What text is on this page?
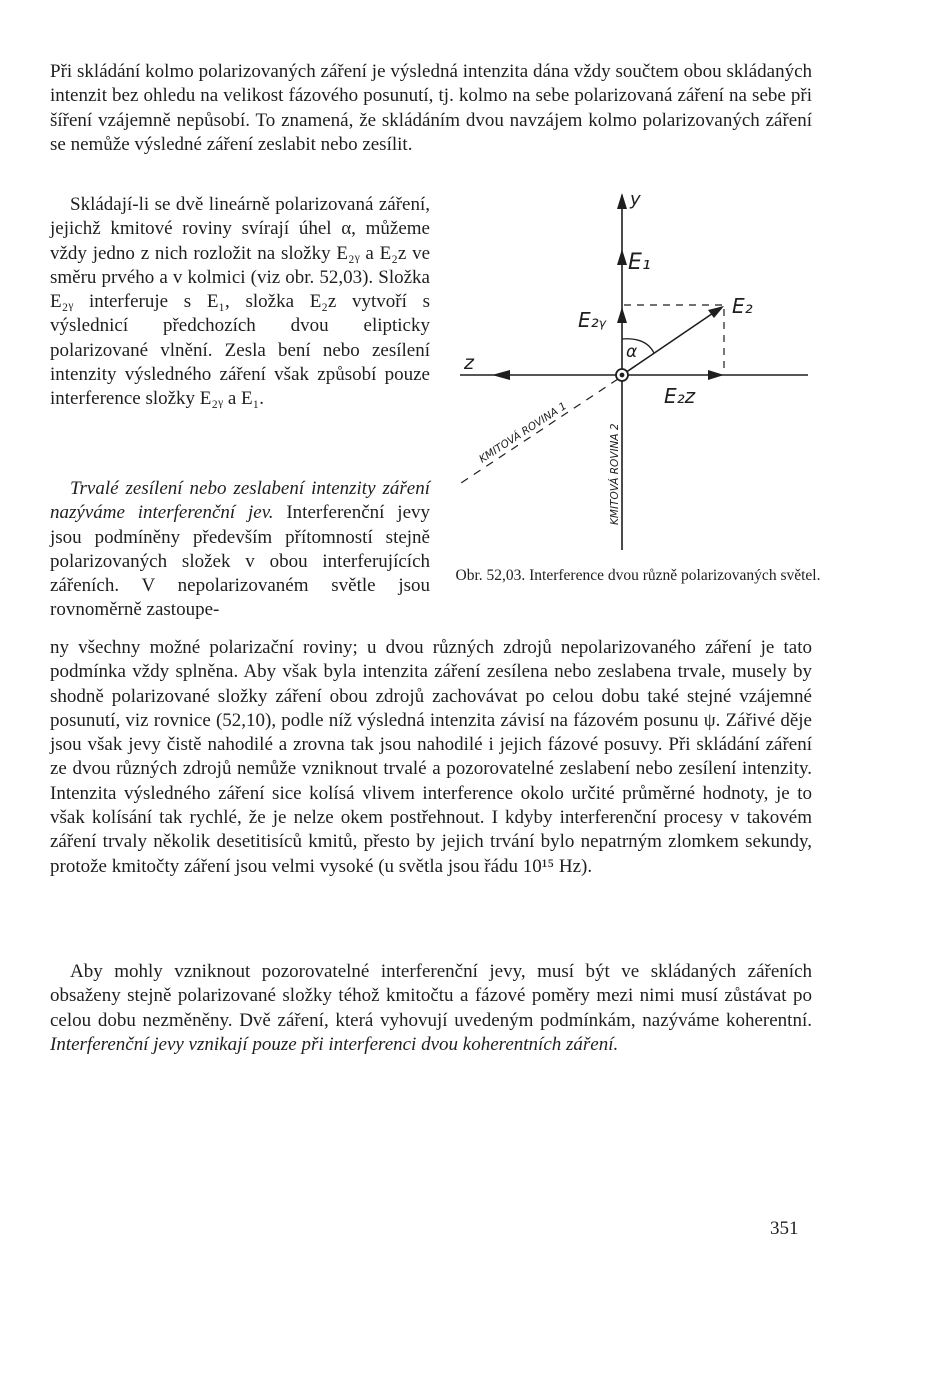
Při skládání kolmo polarizovaných záření je výsledná intenzita dána vždy součtem obou skládaných intenzit bez ohledu na velikost fázového posunutí, tj. kolmo na sebe polarizovaná záření na sebe při šíření vzájemně nepůsobí. To znamená, že skládáním dvou navzájem kolmo polarizovaných záření se nemůže výsledné záření zeslabit nebo zesílit.

Skládají-li se dvě lineárně polarizovaná záření, jejichž kmitové roviny svírají úhel α, můžeme vždy jedno z nich rozložit na složky E₂ᵧ a E₂z ve směru prvého a v kolmici (viz obr. 52,03). Složka E₂ᵧ interferuje s E₁, složka E₂z vytvoří s výslednicí předchozích dvou elipticky polarizované vlnění. Zesla bení nebo zesílení intenzity výsledného záření však způsobí pouze interference složky E₂ᵧ a E₁.

Trvalé zesílení nebo zeslabení intenzity záření nazýváme interferenční jev. Interferenční jevy jsou podmíněny především přítomností stejně polarizovaných složek v obou interferujících zářeních. V nepolarizovaném světle jsou rovnoměrně zastoupe-

ny všechny možné polarizační roviny; u dvou různých zdrojů nepolarizovaného záření je tato podmínka vždy splněna. Aby však byla intenzita záření zesílena nebo zeslabena trvale, musely by shodně polarizované složky záření obou zdrojů zachovávat po celou dobu také stejné vzájemné posunutí, viz rovnice (52,10), podle níž výsledná intenzita závisí na fázovém posunu ψ. Zářivé děje jsou však jevy čistě nahodilé a zrovna tak jsou nahodilé i jejich fázové posuvy. Při skládání záření ze dvou různých zdrojů nemůže vzniknout trvalé a pozorovatelné zeslabení nebo zesílení intenzity. Intenzita výsledného záření sice kolísá vlivem interference okolo určité průměrné hodnoty, je to však kolísání tak rychlé, že je nelze okem postřehnout. I kdyby interferenční procesy v takovém záření trvaly několik desetitisíců kmitů, přesto by jejich trvání bylo nepatrným zlomkem sekundy, protože kmitočty záření jsou velmi vysoké (u světla jsou řádu 10¹⁵ Hz).

Aby mohly vzniknout pozorovatelné interferenční jevy, musí být ve skládaných zářeních obsaženy stejně polarizované složky téhož kmitočtu a fázové poměry mezi nimi musí zůstávat po celou dobu nezměněny. Dvě záření, která vyhovují uvedeným podmínkám, nazýváme koherentní. Interferenční jevy vznikají pouze při interferenci dvou koherentních záření.

y
E₁
E₂
E₂ᵧ
α
z
E₂z
KMITOVÁ ROVINA 1	KMITOVÁ ROVINA 2
Obr. 52,03. Interference dvou různě polarizovaných světel.
351
